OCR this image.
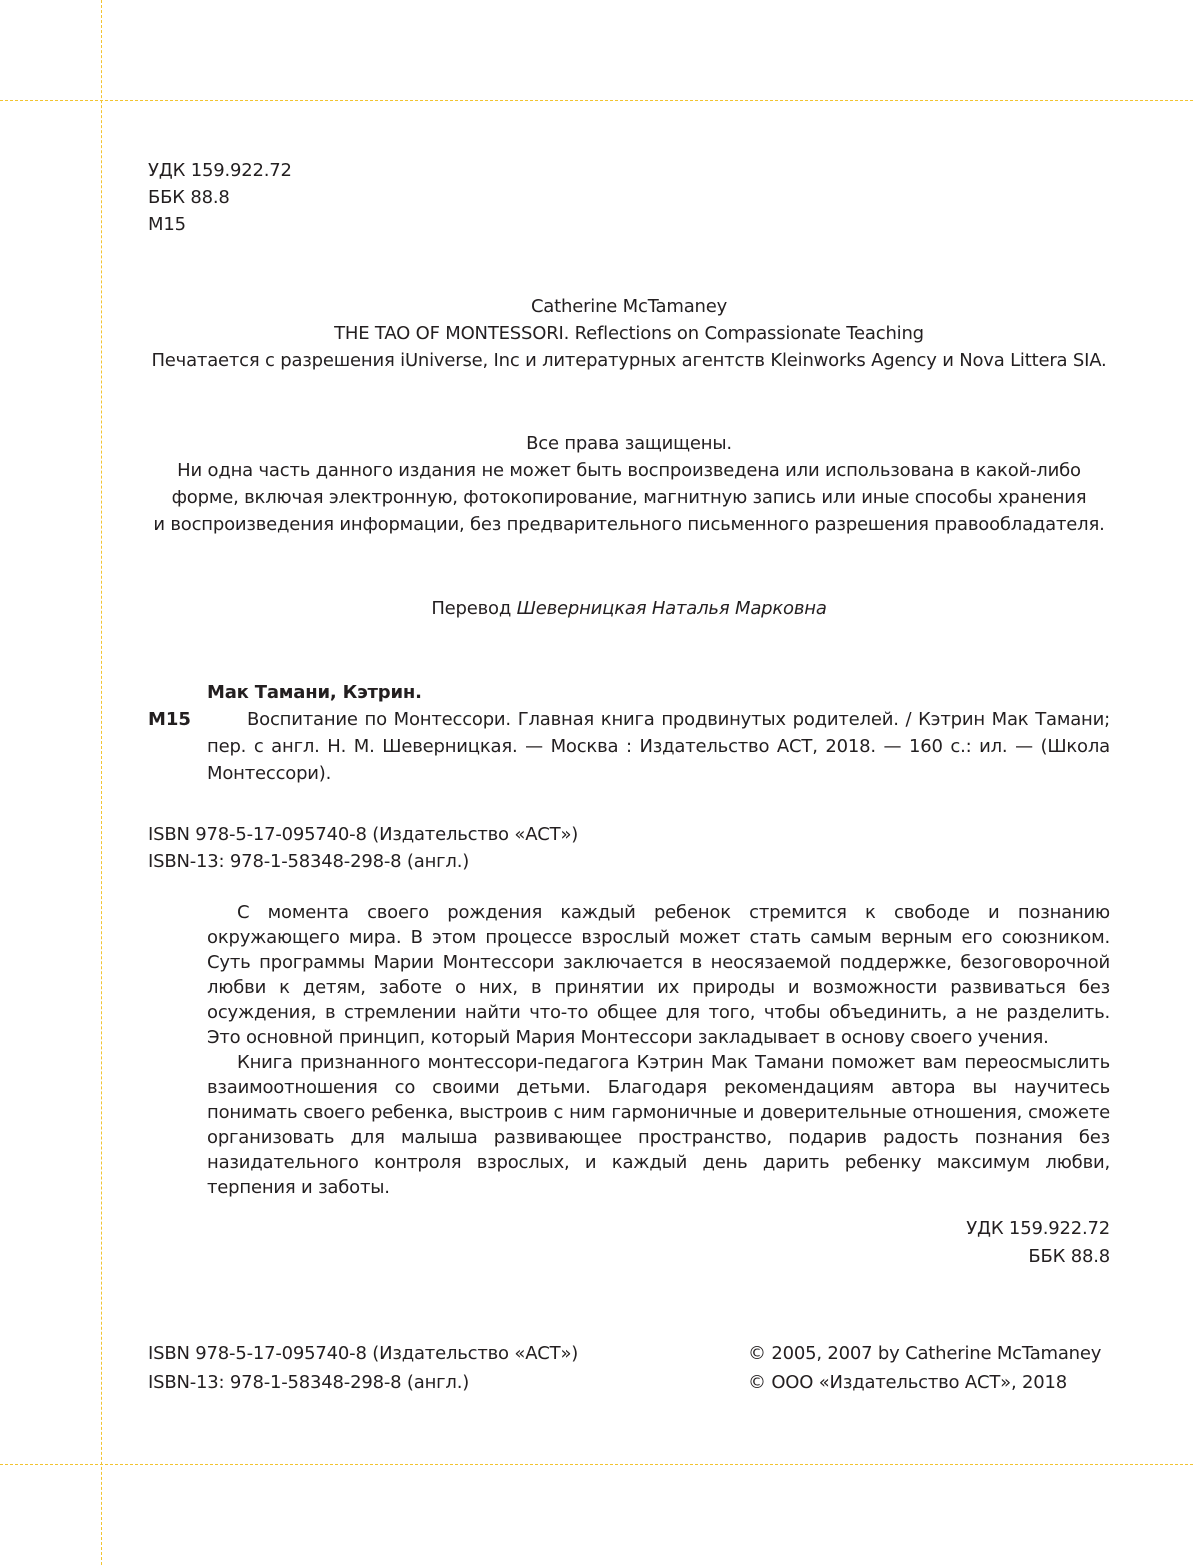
УДК 159.922.72
ББК 88.8
М15
Catherine McTamaney
THE TAO OF MONTESSORI. Reflections on Compassionate Teaching
Печатается с разрешения iUniverse, Inc и литературных агентств Kleinworks Agency и Nova Littera SIA.
Все права защищены.
Ни одна часть данного издания не может быть воспроизведена или использована в какой-либо
форме, включая электронную, фотокопирование, магнитную запись или иные способы хранения
и воспроизведения информации, без предварительного письменного разрешения правообладателя.
Перевод Шеверницкая Наталья Марковна
Мак Тамани, Кэтрин.
М15	Воспитание по Монтессори. Главная книга продвинутых родителей. / Кэтрин Мак Тамани; пер. с англ. Н. М. Шеверницкая. — Москва : Издательство АСТ, 2018. — 160 с.: ил. — (Школа Монтессори).
ISBN 978-5-17-095740-8 (Издательство «АСТ»)
ISBN-13: 978-1-58348-298-8 (англ.)

С момента своего рождения каждый ребенок стремится к свободе и познанию окружающего мира. В этом процессе взрослый может стать самым верным его союзником. Суть программы Марии Монтессори заключается в неосязаемой поддержке, безоговорочной любви к детям, заботе о них, в принятии их природы и возможности развиваться без осуждения, в стремлении найти что-то общее для того, чтобы объединить, а не разделить. Это основной принцип, который Мария Монтессори закладывает в основу своего учения.

Книга признанного монтессори-педагога Кэтрин Мак Тамани поможет вам переосмыслить взаимоотношения со своими детьми. Благодаря рекомендациям автора вы научитесь понимать своего ребенка, выстроив с ним гармоничные и доверительные отношения, сможете организовать для малыша развивающее пространство, подарив радость познания без назидательного контроля взрослых, и каждый день дарить ребенку максимум любви, терпения и заботы.

УДК 159.922.72
ББК 88.8
ISBN 978-5-17-095740-8 (Издательство «АСТ»)
ISBN-13: 978-1-58348-298-8 (англ.)
© 2005, 2007 by Catherine McTamaney
© ООО «Издательство АСТ», 2018
